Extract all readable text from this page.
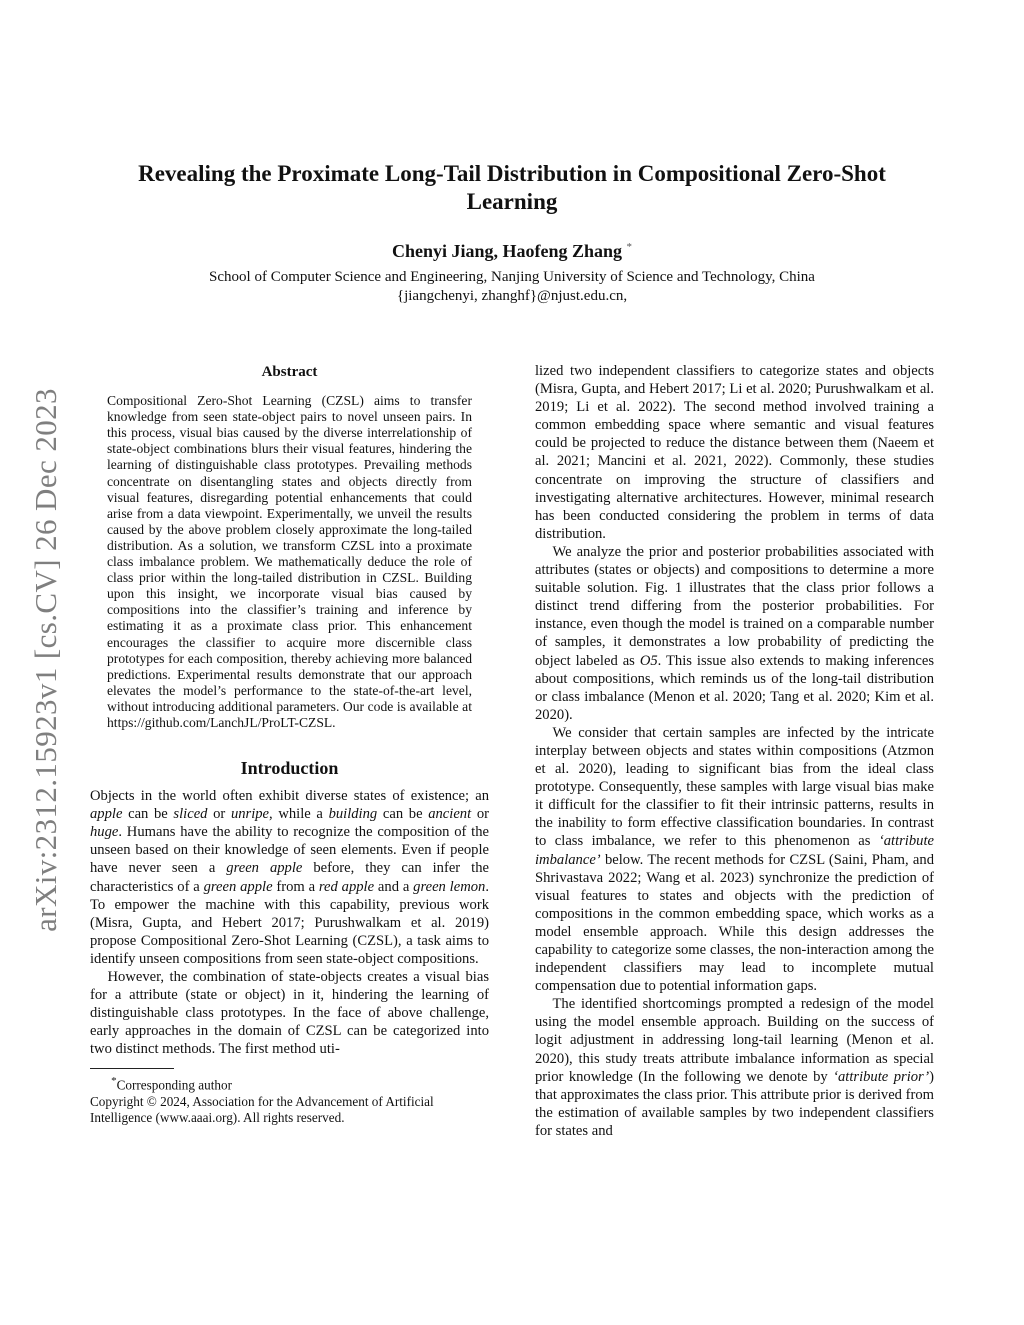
arXiv:2312.15923v1 [cs.CV] 26 Dec 2023
Revealing the Proximate Long-Tail Distribution in Compositional Zero-Shot Learning
Chenyi Jiang, Haofeng Zhang *
School of Computer Science and Engineering, Nanjing University of Science and Technology, China
{jiangchenyi, zhanghf}@njust.edu.cn,
Abstract

Compositional Zero-Shot Learning (CZSL) aims to transfer knowledge from seen state-object pairs to novel unseen pairs. In this process, visual bias caused by the diverse interrelationship of state-object combinations blurs their visual features, hindering the learning of distinguishable class prototypes. Prevailing methods concentrate on disentangling states and objects directly from visual features, disregarding potential enhancements that could arise from a data viewpoint. Experimentally, we unveil the results caused by the above problem closely approximate the long-tailed distribution. As a solution, we transform CZSL into a proximate class imbalance problem. We mathematically deduce the role of class prior within the long-tailed distribution in CZSL. Building upon this insight, we incorporate visual bias caused by compositions into the classifier’s training and inference by estimating it as a proximate class prior. This enhancement encourages the classifier to acquire more discernible class prototypes for each composition, thereby achieving more balanced predictions. Experimental results demonstrate that our approach elevates the model’s performance to the state-of-the-art level, without introducing additional parameters. Our code is available at https://github.com/LanchJL/ProLT-CZSL.

Introduction

Objects in the world often exhibit diverse states of existence; an apple can be sliced or unripe, while a building can be ancient or huge. Humans have the ability to recognize the composition of the unseen based on their knowledge of seen elements. Even if people have never seen a green apple before, they can infer the characteristics of a green apple from a red apple and a green lemon. To empower the machine with this capability, previous work (Misra, Gupta, and Hebert 2017; Purushwalkam et al. 2019) propose Compositional Zero-Shot Learning (CZSL), a task aims to identify unseen compositions from seen state-object compositions.

However, the combination of state-objects creates a visual bias for a attribute (state or object) in it, hindering the learning of distinguishable class prototypes. In the face of above challenge, early approaches in the domain of CZSL can be categorized into two distinct methods. The first method uti-

*Corresponding author
Copyright © 2024, Association for the Advancement of Artificial Intelligence (www.aaai.org). All rights reserved.

lized two independent classifiers to categorize states and objects (Misra, Gupta, and Hebert 2017; Li et al. 2020; Purushwalkam et al. 2019; Li et al. 2022). The second method involved training a common embedding space where semantic and visual features could be projected to reduce the distance between them (Naeem et al. 2021; Mancini et al. 2021, 2022). Commonly, these studies concentrate on improving the structure of classifiers and investigating alternative architectures. However, minimal research has been conducted considering the problem in terms of data distribution.

We analyze the prior and posterior probabilities associated with attributes (states or objects) and compositions to determine a more suitable solution. Fig. 1 illustrates that the class prior follows a distinct trend differing from the posterior probabilities. For instance, even though the model is trained on a comparable number of samples, it demonstrates a low probability of predicting the object labeled as O5. This issue also extends to making inferences about compositions, which reminds us of the long-tail distribution or class imbalance (Menon et al. 2020; Tang et al. 2020; Kim et al. 2020).

We consider that certain samples are infected by the intricate interplay between objects and states within compositions (Atzmon et al. 2020), leading to significant bias from the ideal class prototype. Consequently, these samples with large visual bias make it difficult for the classifier to fit their intrinsic patterns, results in the inability to form effective classification boundaries. In contrast to class imbalance, we refer to this phenomenon as ‘attribute imbalance’ below. The recent methods for CZSL (Saini, Pham, and Shrivastava 2022; Wang et al. 2023) synchronize the prediction of visual features to states and objects with the prediction of compositions in the common embedding space, which works as a model ensemble approach. While this design addresses the capability to categorize some classes, the non-interaction among the independent classifiers may lead to incomplete mutual compensation due to potential information gaps.

The identified shortcomings prompted a redesign of the model using the model ensemble approach. Building on the success of logit adjustment in addressing long-tail learning (Menon et al. 2020), this study treats attribute imbalance information as special prior knowledge (In the following we denote by ‘attribute prior’) that approximates the class prior. This attribute prior is derived from the estimation of available samples by two independent classifiers for states and
